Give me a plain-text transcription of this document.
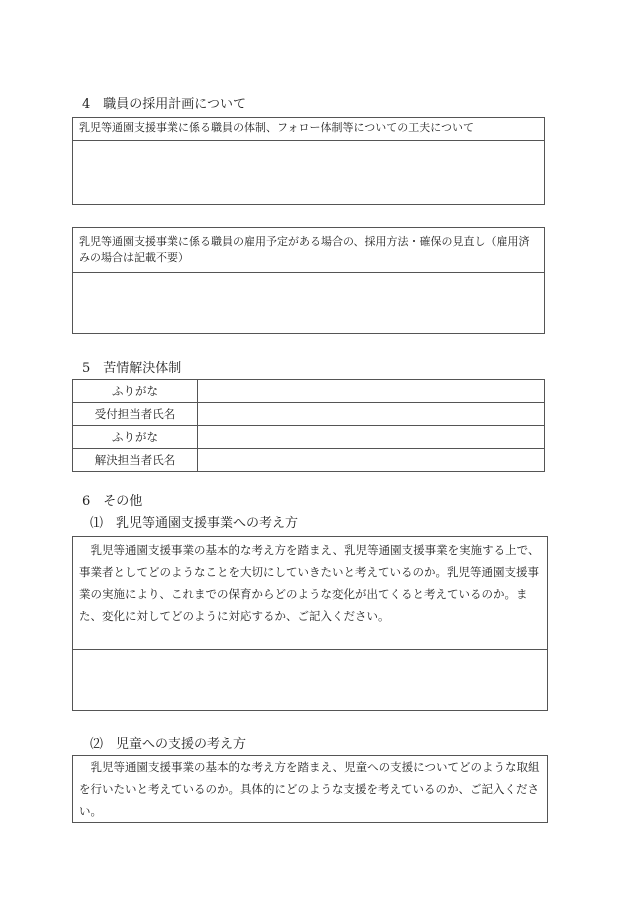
4　職員の採用計画について
乳児等通園支援事業に係る職員の体制、フォロー体制等についての工夫について
乳児等通園支援事業に係る職員の雇用予定がある場合の、採用方法・確保の見直し（雇用済みの場合は記載不要）
5　苦情解決体制
ふりがな	
受付担当者氏名	
ふりがな	
解決担当者氏名	
6　その他
⑴　乳児等通園支援事業への考え方
乳児等通園支援事業の基本的な考え方を踏まえ、乳児等通園支援事業を実施する上で、事業者としてどのようなことを大切にしていきたいと考えているのか。乳児等通園支援事業の実施により、これまでの保育からどのような変化が出てくると考えているのか。また、変化に対してどのように対応するか、ご記入ください。
⑵　児童への支援の考え方
乳児等通園支援事業の基本的な考え方を踏まえ、児童への支援についてどのような取組を行いたいと考えているのか。具体的にどのような支援を考えているのか、ご記入ください。
